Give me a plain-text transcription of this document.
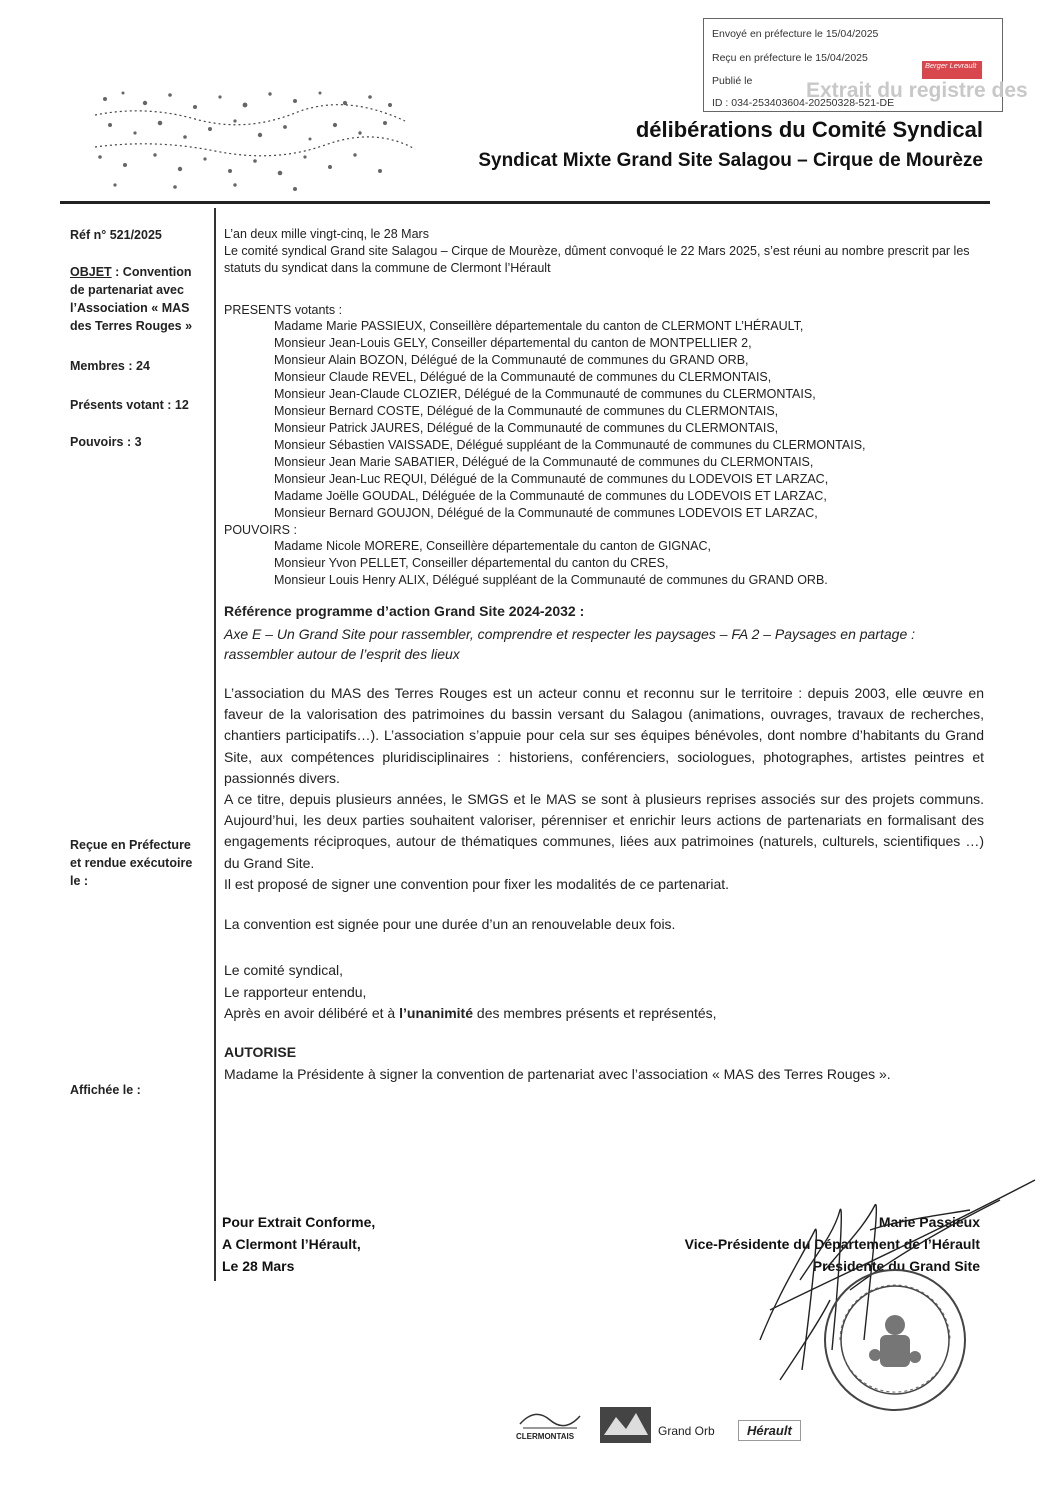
Envoyé en préfecture le 15/04/2025
Reçu en préfecture le 15/04/2025
Extrait du registre des
Publié le
ID : 034-253403604-20250328-521-DE
Berger Levrault
délibérations du Comité Syndical
Syndicat Mixte Grand Site Salagou – Cirque de Mourèze
Réf n° 521/2025
OBJET : Convention de partenariat avec l’Association « MAS des Terres Rouges »
Membres : 24
Présents votant : 12
Pouvoirs : 3
Reçue en Préfecture et rendue exécutoire le :
Affichée le :
L’an deux mille vingt-cinq, le 28 Mars
Le comité syndical Grand site Salagou – Cirque de Mourèze, dûment convoqué le 22 Mars 2025, s’est réuni au nombre prescrit par les statuts du syndicat dans la commune de Clermont l’Hérault
PRESENTS votants :
Madame Marie PASSIEUX, Conseillère départementale du canton de CLERMONT L’HÉRAULT,
Monsieur Jean-Louis GELY, Conseiller départemental du canton de MONTPELLIER 2,
Monsieur Alain BOZON, Délégué de la Communauté de communes du GRAND ORB,
Monsieur Claude REVEL, Délégué de la Communauté de communes du CLERMONTAIS,
Monsieur Jean-Claude CLOZIER, Délégué de la Communauté de communes du CLERMONTAIS,
Monsieur Bernard COSTE, Délégué de la Communauté de communes du CLERMONTAIS,
Monsieur Patrick JAURES, Délégué de la Communauté de communes du CLERMONTAIS,
Monsieur Sébastien VAISSADE, Délégué suppléant de la Communauté de communes du CLERMONTAIS,
Monsieur Jean Marie SABATIER, Délégué de la Communauté de communes du CLERMONTAIS,
Monsieur Jean-Luc REQUI, Délégué de la Communauté de communes du LODEVOIS ET LARZAC,
Madame Joëlle GOUDAL, Déléguée de la Communauté de communes du LODEVOIS ET LARZAC,
Monsieur Bernard GOUJON, Délégué de la Communauté de communes LODEVOIS ET LARZAC,
POUVOIRS :
Madame Nicole MORERE, Conseillère départementale du canton de GIGNAC,
Monsieur Yvon PELLET, Conseiller départemental du canton du CRES,
Monsieur Louis Henry ALIX, Délégué suppléant de la Communauté de communes du GRAND ORB.
Référence programme d’action Grand Site 2024-2032 :
Axe E – Un Grand Site pour rassembler, comprendre et respecter les paysages – FA 2 – Paysages en partage : rassembler autour de l’esprit des lieux

L’association du MAS des Terres Rouges est un acteur connu et reconnu sur le territoire : depuis 2003, elle œuvre en faveur de la valorisation des patrimoines du bassin versant du Salagou (animations, ouvrages, travaux de recherches, chantiers participatifs…). L’association s’appuie pour cela sur ses équipes bénévoles, dont nombre d’habitants du Grand Site, aux compétences pluridisciplinaires : historiens, conférenciers, sociologues, photographes, artistes peintres et passionnés divers.

A ce titre, depuis plusieurs années, le SMGS et le MAS se sont à plusieurs reprises associés sur des projets communs. Aujourd’hui, les deux parties souhaitent valoriser, pérenniser et enrichir leurs actions de partenariats en formalisant des engagements réciproques, autour de thématiques communes, liées aux patrimoines (naturels, culturels, scientifiques …) du Grand Site.

Il est proposé de signer une convention pour fixer les modalités de ce partenariat.

La convention est signée pour une durée d’un an renouvelable deux fois.
Le comité syndical,
Le rapporteur entendu,
Après en avoir délibéré et à l’unanimité des membres présents et représentés,
AUTORISE
Madame la Présidente à signer la convention de partenariat avec l’association « MAS des Terres Rouges ».
Pour Extrait Conforme,
A Clermont l’Hérault,
Le 28 Mars
Marie Passieux
Vice-Présidente du Département de l’Hérault
Présidente du Grand Site
CLERMONTAIS	Grand Orb	Hérault
